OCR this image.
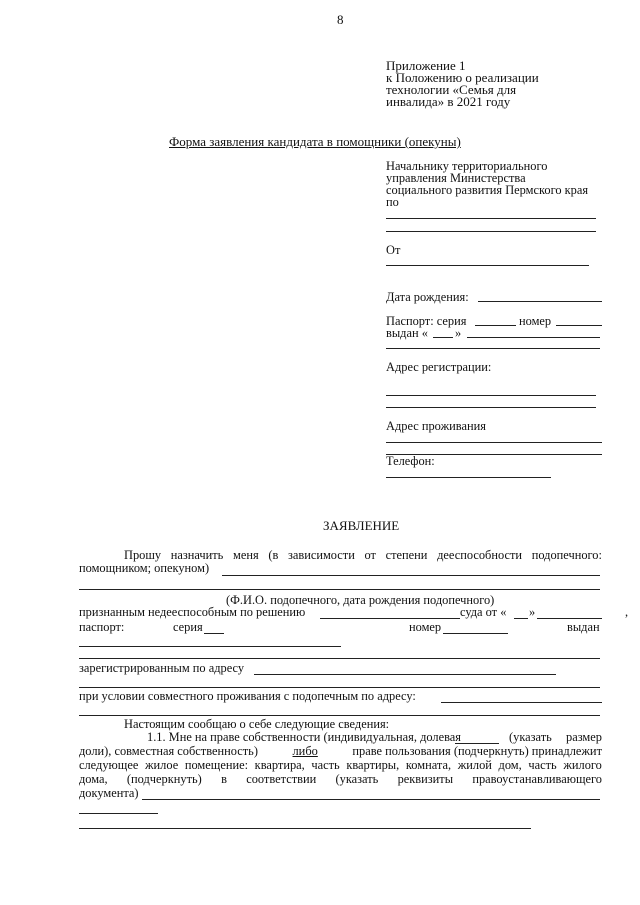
8
Приложение 1
к Положению о реализации
технологии «Семья для
инвалида» в 2021 году
Форма заявления кандидата в помощники (опекуны)
Начальнику территориального
управления Министерства
социального развития Пермского края
по
От
Дата рождения:
Паспорт: серия	номер
выдан « »
Адрес регистрации:
Адрес проживания
Телефон:
ЗАЯВЛЕНИЕ
Прошу назначить меня (в зависимости от степени дееспособности подопечного:
помощником; опекуном)
(Ф.И.О. подопечного, дата рождения подопечного)
признанным недееспособным по решению	суда от « »	,
паспорт:	серия	номер	выдан
зарегистрированным по адресу
при условии совместного проживания с подопечным по адресу:
Настоящим сообщаю о себе следующие сведения:
1.1. Мне на праве собственности (индивидуальная, долевая	(указать размер
доли), совместная собственность)	либо	праве пользования (подчеркнуть) принадлежит
следующее жилое помещение: квартира, часть квартиры, комната, жилой дом, часть жилого
дома, (подчеркнуть) в соответствии (указать реквизиты правоустанавливающего
документа)
